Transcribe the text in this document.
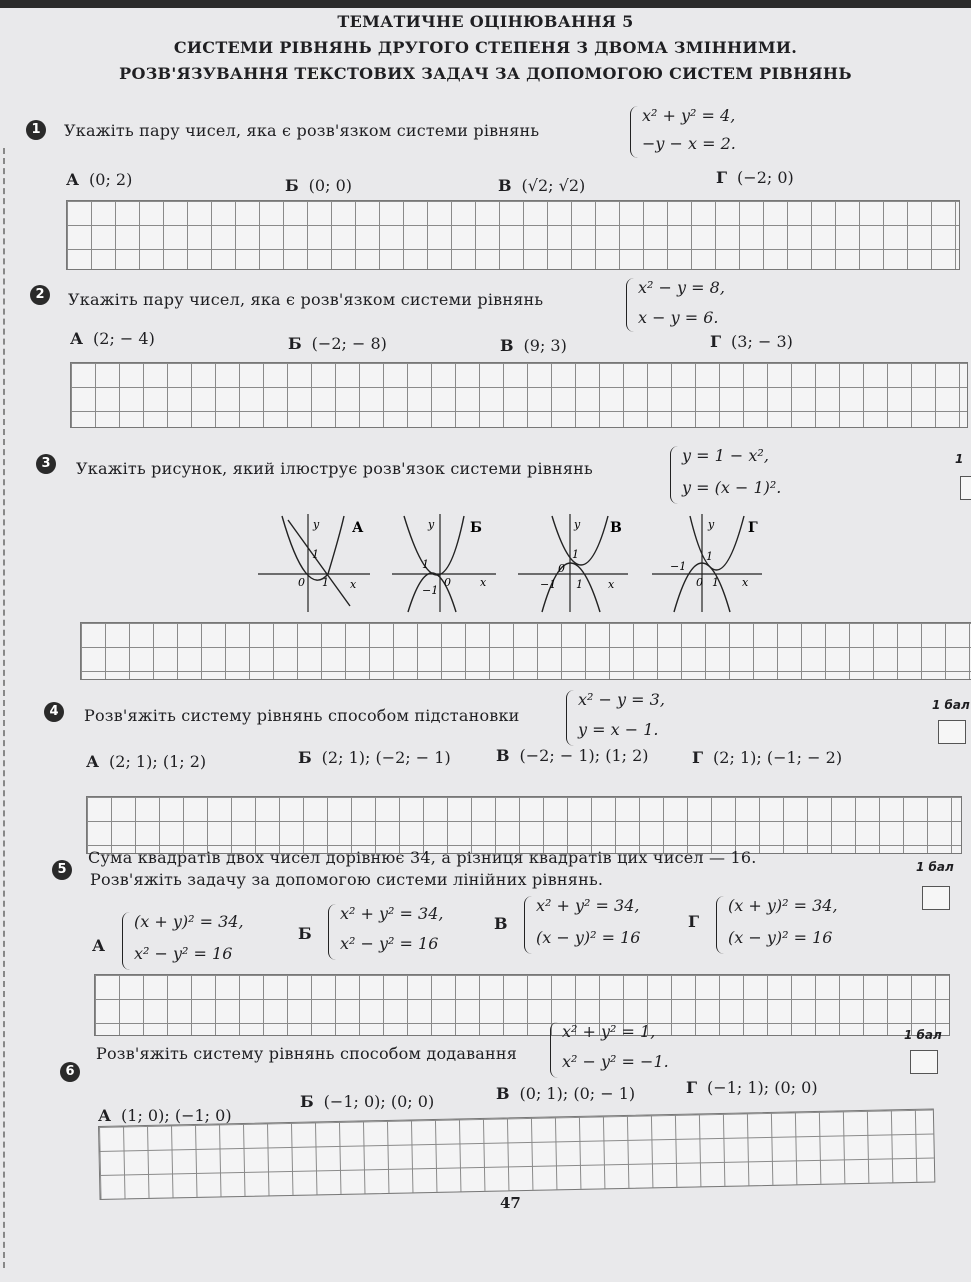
ТЕМАТИЧНЕ ОЦІНЮВАННЯ 5
СИСТЕМИ РІВНЯНЬ ДРУГОГО СТЕПЕНЯ З ДВОМА ЗМІННИМИ.
РОЗВ'ЯЗУВАННЯ ТЕКСТОВИХ ЗАДАЧ ЗА ДОПОМОГОЮ СИСТЕМ РІВНЯНЬ
1	Укажіть пару чисел, яка є розв'язком системи рівнянь
x² + y² = 4,
−y − x = 2.
А (0; 2)	Б (0; 0)	В (√2; √2)	Г (−2; 0)
2	Укажіть пару чисел, яка є розв'язком системи рівнянь
x² − y = 8,
x − y = 6.
А (2; − 4)	Б (−2; − 8)	В (9; 3)	Г (3; − 3)
3	Укажіть рисунок, який ілюструє розв'язок системи рівнянь
y = 1 − x²,
y = (x − 1)².
1
y
1
0 1 x
А	y
1
−1
0	x
Б	y
1
0
−1 1 x
В	y
1
−1
0 1 x
Г
4	Розв'яжіть систему рівнянь способом підстановки
x² − y = 3,
y = x − 1.
1 бал
А (2; 1); (1; 2)	Б (2; 1); (−2; − 1)	В (−2; − 1); (1; 2)	Г (2; 1); (−1; − 2)
5
Сума квадратів двох чисел дорівнює 34, а різниця квадратів цих чисел — 16.
Розв'яжіть задачу за допомогою системи лінійних рівнянь.
1 бал
А
(x + y)² = 34,
x² − y² = 16
Б
x² + y² = 34,
x² − y² = 16
В
x² + y² = 34,
(x − y)² = 16
Г
(x + y)² = 34,
(x − y)² = 16
6
Розв'яжіть систему рівнянь способом додавання
x² + y² = 1,
x² − y² = −1.
1 бал
А (1; 0); (−1; 0)
Б (−1; 0); (0; 0)	В (0; 1); (0; − 1)	Г (−1; 1); (0; 0)
47
